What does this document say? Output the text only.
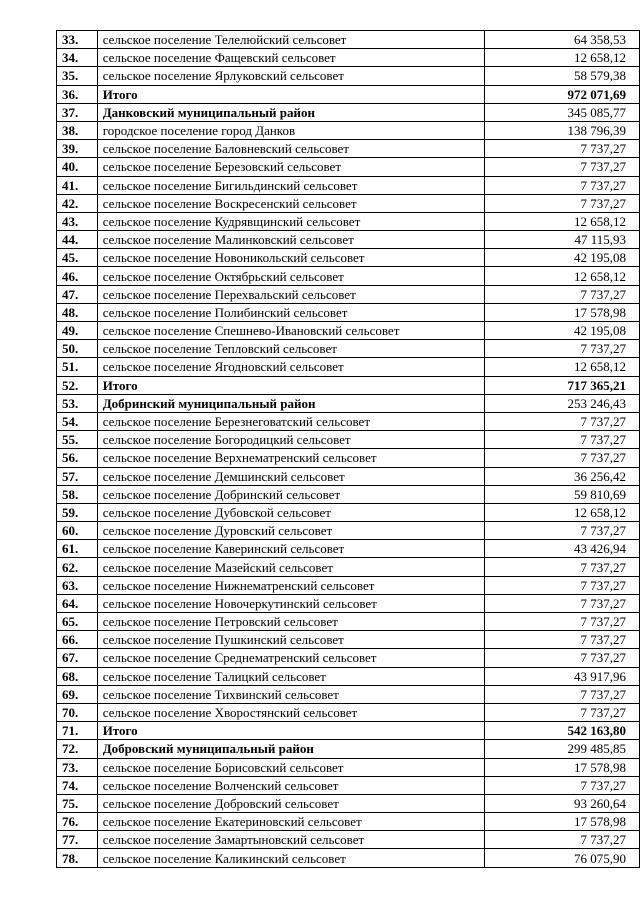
33.	сельское поселение Телелюйский сельсовет	64 358,53
34.	сельское поселение Фащевский сельсовет	12 658,12
35.	сельское поселение Ярлуковский сельсовет	58 579,38
36.	Итого	972 071,69
37.	Данковский муниципальный район	345 085,77
38.	городское поселение город Данков	138 796,39
39.	сельское поселение Баловневский сельсовет	7 737,27
40.	сельское поселение Березовский сельсовет	7 737,27
41.	сельское поселение Бигильдинский сельсовет	7 737,27
42.	сельское поселение Воскресенский сельсовет	7 737,27
43.	сельское поселение Кудрявщинский сельсовет	12 658,12
44.	сельское поселение Малинковский сельсовет	47 115,93
45.	сельское поселение Новоникольский сельсовет	42 195,08
46.	сельское поселение Октябрьский сельсовет	12 658,12
47.	сельское поселение Перехвальский сельсовет	7 737,27
48.	сельское поселение Полибинский сельсовет	17 578,98
49.	сельское поселение Спешнево-Ивановский сельсовет	42 195,08
50.	сельское поселение Тепловский сельсовет	7 737,27
51.	сельское поселение Ягодновский сельсовет	12 658,12
52.	Итого	717 365,21
53.	Добринский муниципальный район	253 246,43
54.	сельское поселение Березнеговатский сельсовет	7 737,27
55.	сельское поселение Богородицкий сельсовет	7 737,27
56.	сельское поселение Верхнематренский сельсовет	7 737,27
57.	сельское поселение Демшинский сельсовет	36 256,42
58.	сельское поселение Добринский сельсовет	59 810,69
59.	сельское поселение Дубовской сельсовет	12 658,12
60.	сельское поселение Дуровский сельсовет	7 737,27
61.	сельское поселение Каверинский сельсовет	43 426,94
62.	сельское поселение Мазейский сельсовет	7 737,27
63.	сельское поселение Нижнематренский сельсовет	7 737,27
64.	сельское поселение Новочеркутинский сельсовет	7 737,27
65.	сельское поселение Петровский сельсовет	7 737,27
66.	сельское поселение Пушкинский сельсовет	7 737,27
67.	сельское поселение Среднематренский сельсовет	7 737,27
68.	сельское поселение Талицкий сельсовет	43 917,96
69.	сельское поселение Тихвинский сельсовет	7 737,27
70.	сельское поселение Хворостянский сельсовет	7 737,27
71.	Итого	542 163,80
72.	Добровский муниципальный район	299 485,85
73.	сельское поселение Борисовский сельсовет	17 578,98
74.	сельское поселение Волченский сельсовет	7 737,27
75.	сельское поселение Добровский сельсовет	93 260,64
76.	сельское поселение Екатериновский сельсовет	17 578,98
77.	сельское поселение Замартыновский сельсовет	7 737,27
78.	сельское поселение Каликинский сельсовет	76 075,90
